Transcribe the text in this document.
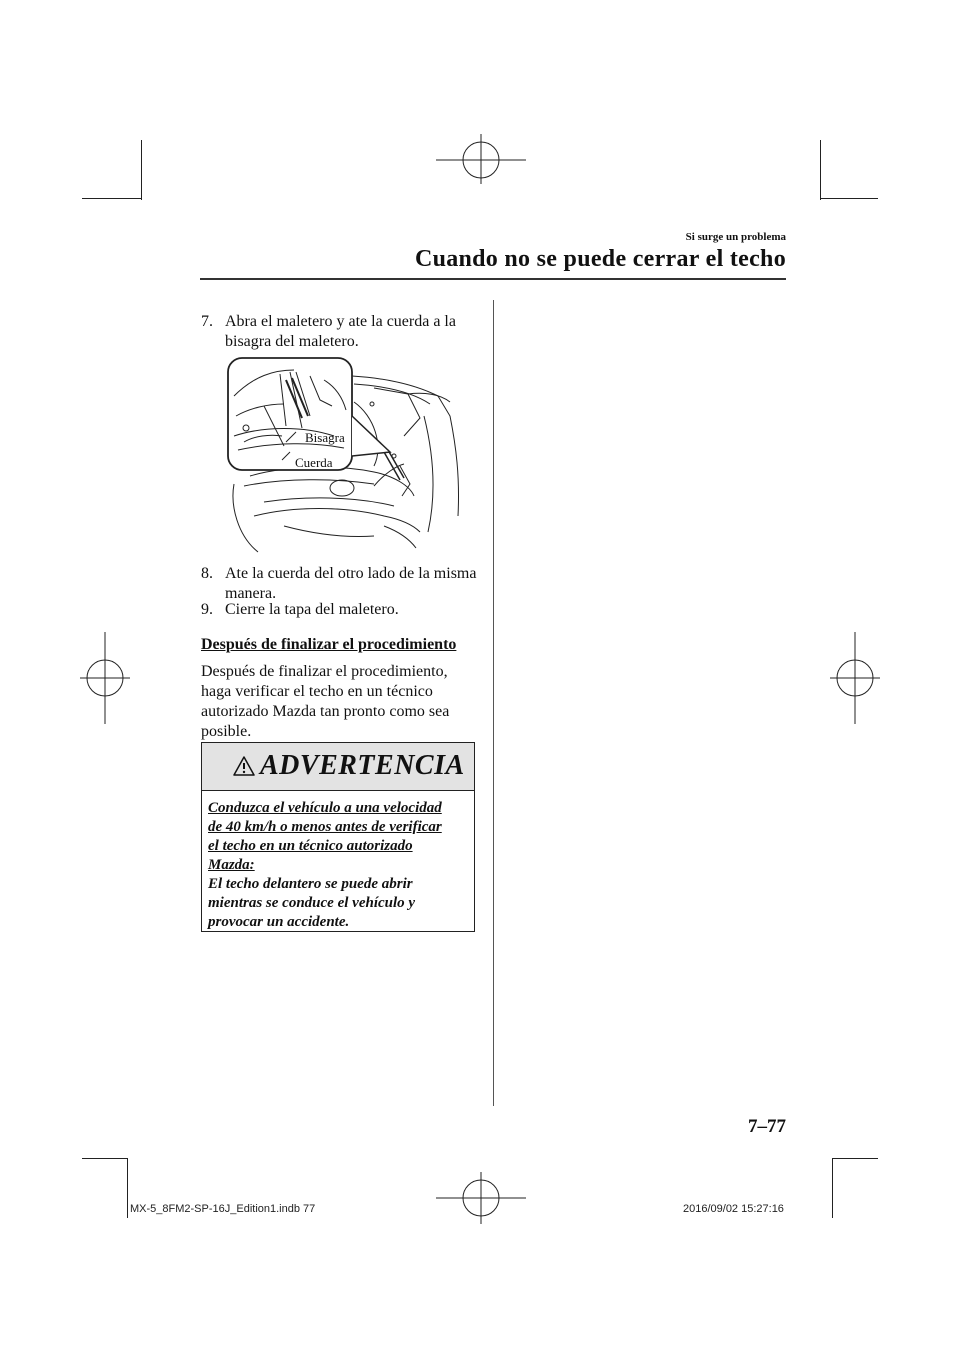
Si surge un problema
Cuando no se puede cerrar el techo
7. Abra el maletero y ate la cuerda a la
bisagra del maletero.
Bisagra
Cuerda
8. Ate la cuerda del otro lado de la misma
manera.
9. Cierre la tapa del maletero.
Después de finalizar el procedimiento
Después de finalizar el procedimiento,
haga verificar el techo en un técnico
autorizado Mazda tan pronto como sea
posible.
ADVERTENCIA
Conduzca el vehículo a una velocidad
de 40 km/h o menos antes de verificar
el techo en un técnico autorizado
Mazda:
El techo delantero se puede abrir
mientras se conduce el vehículo y
provocar un accidente.
7–77
MX-5_8FM2-SP-16J_Edition1.indb 77	2016/09/02 15:27:16
